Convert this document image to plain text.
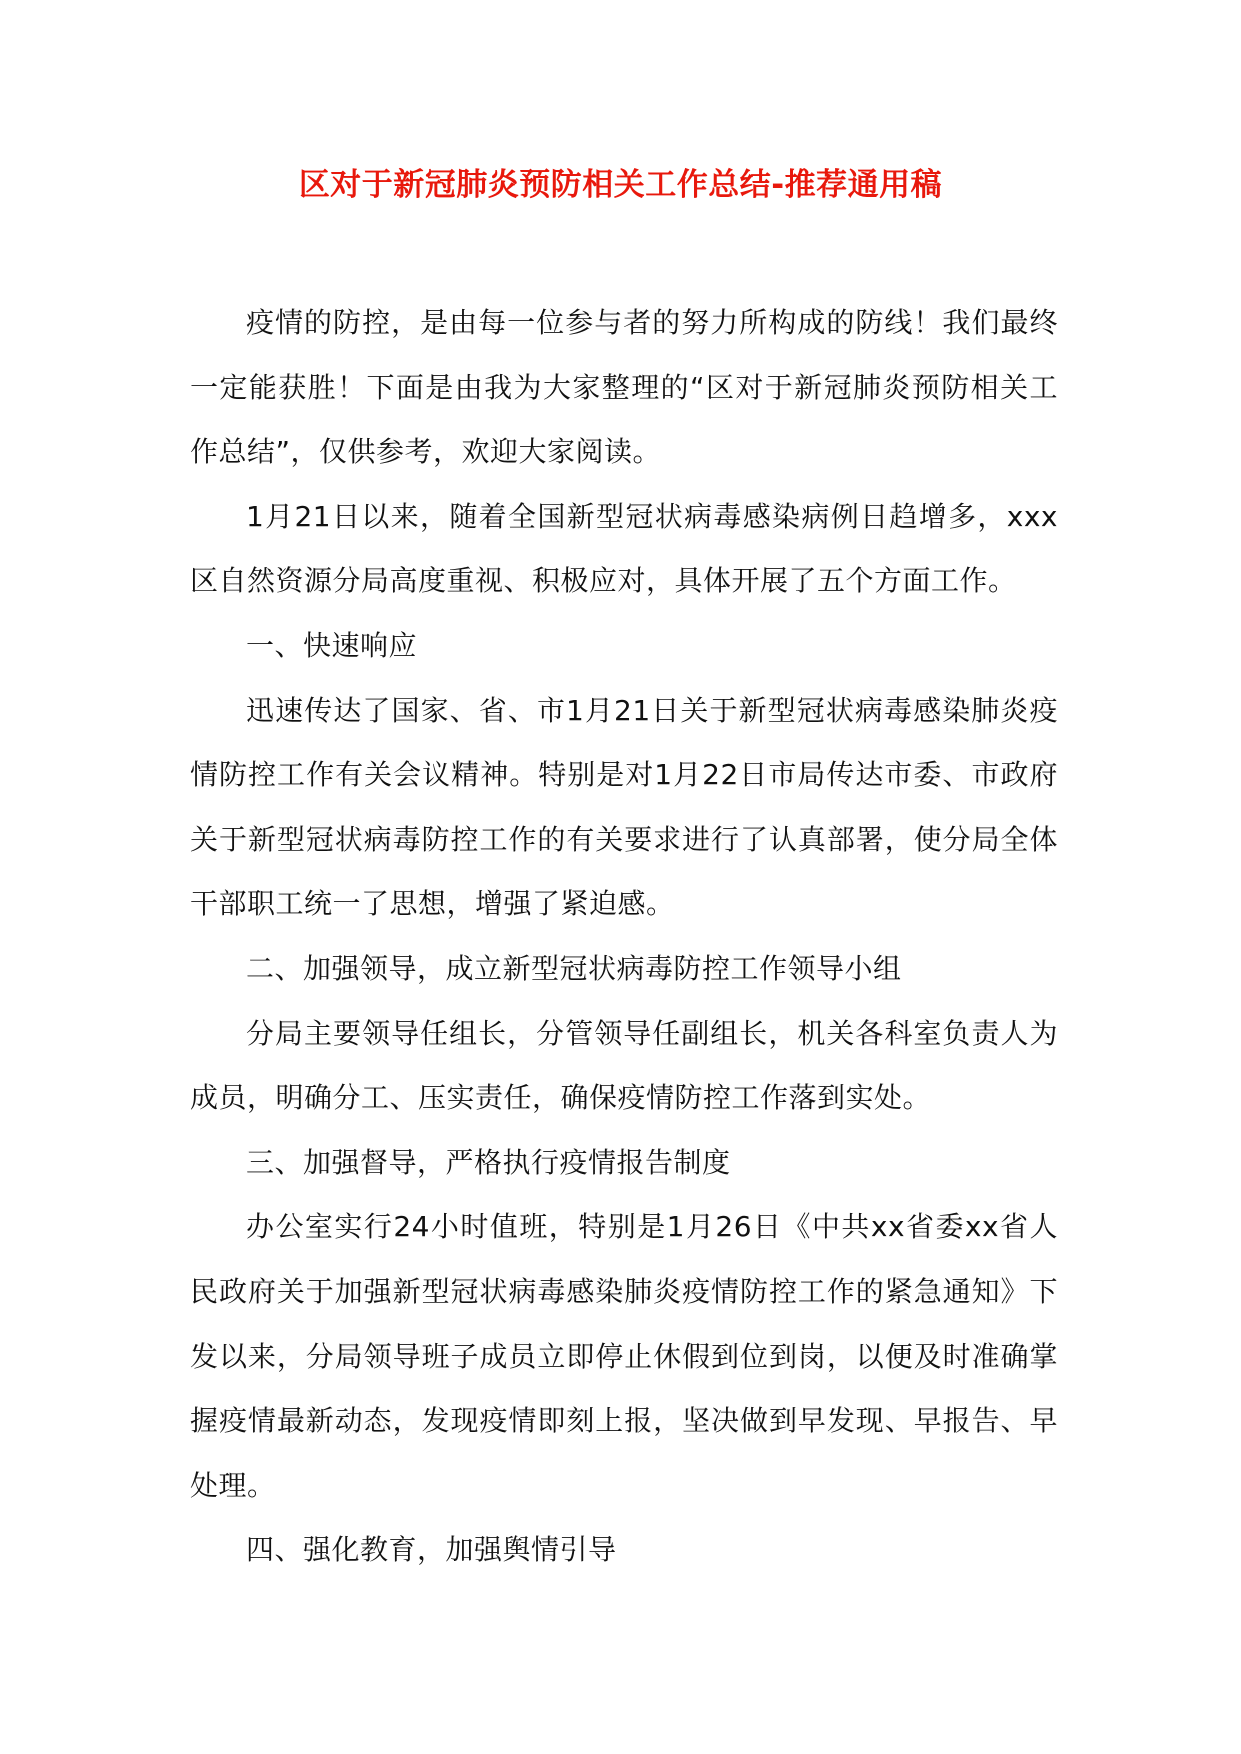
区对于新冠肺炎预防相关工作总结-推荐通用稿

疫情的防控，是由每一位参与者的努力所构成的防线！我们最终一定能获胜！下面是由我为大家整理的“区对于新冠肺炎预防相关工作总结”，仅供参考，欢迎大家阅读。

1月21日以来，随着全国新型冠状病毒感染病例日趋增多，xxx区自然资源分局高度重视、积极应对，具体开展了五个方面工作。

一、快速响应

迅速传达了国家、省、市1月21日关于新型冠状病毒感染肺炎疫情防控工作有关会议精神。特别是对1月22日市局传达市委、市政府关于新型冠状病毒防控工作的有关要求进行了认真部署，使分局全体干部职工统一了思想，增强了紧迫感。

二、加强领导，成立新型冠状病毒防控工作领导小组

分局主要领导任组长，分管领导任副组长，机关各科室负责人为成员，明确分工、压实责任，确保疫情防控工作落到实处。

三、加强督导，严格执行疫情报告制度

办公室实行24小时值班，特别是1月26日《中共xx省委xx省人民政府关于加强新型冠状病毒感染肺炎疫情防控工作的紧急通知》下发以来，分局领导班子成员立即停止休假到位到岗，以便及时准确掌握疫情最新动态，发现疫情即刻上报，坚决做到早发现、早报告、早处理。

四、强化教育，加强舆情引导
